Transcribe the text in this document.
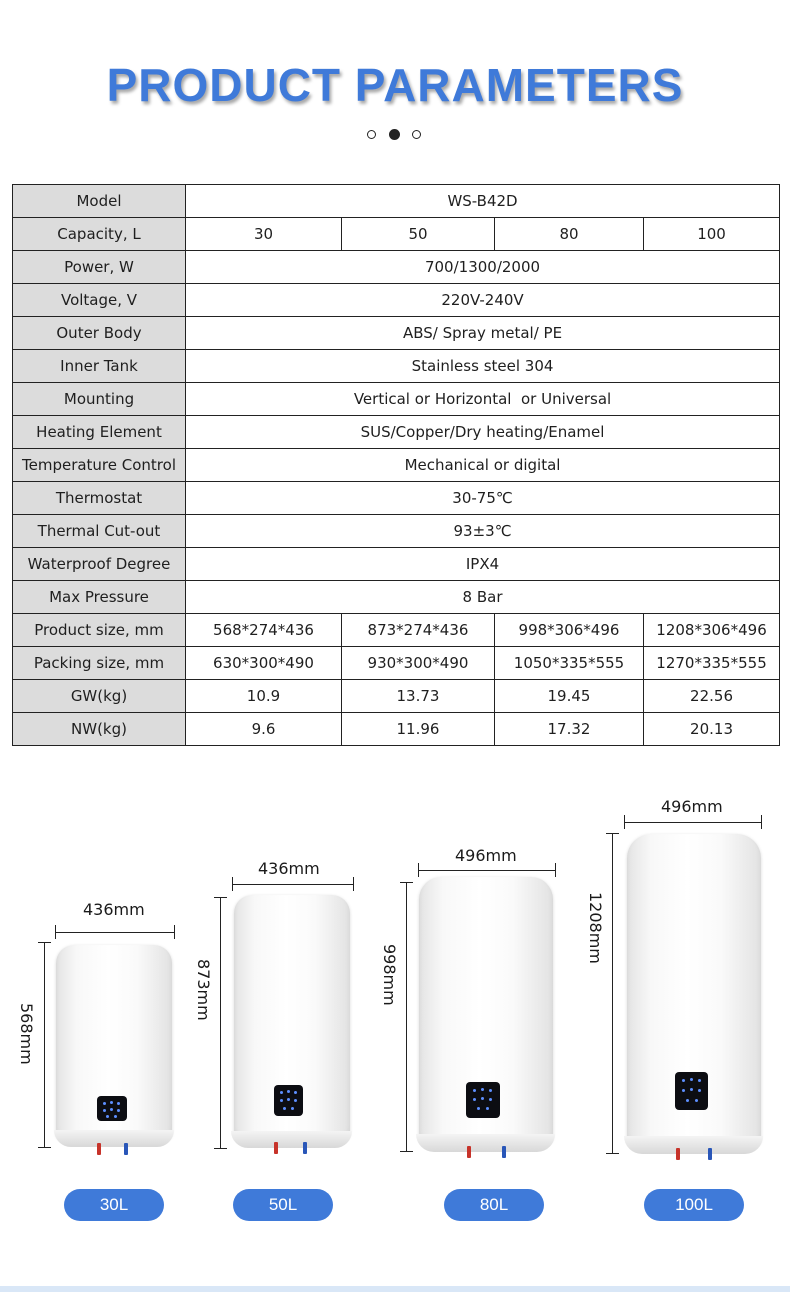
PRODUCT PARAMETERS
Model	WS-B42D			
Capacity, L	30	50	80	100
Power, W	700/1300/2000			
Voltage, V	220V-240V			
Outer Body	ABS/ Spray metal/ PE			
Inner Tank	Stainless steel 304			
Mounting	Vertical or Horizontal  or Universal			
Heating Element	SUS/Copper/Dry heating/Enamel			
Temperature Control	Mechanical or digital			
Thermostat	30-75℃			
Thermal Cut-out	93±3℃			
Waterproof Degree	IPX4			
Max Pressure	8 Bar			
Product size, mm	568*274*436	873*274*436	998*306*496	1208*306*496
Packing size, mm	630*300*490	930*300*490	1050*335*555	1270*335*555
GW(kg)	10.9	13.73	19.45	22.56
NW(kg)	9.6	11.96	17.32	20.13
436mm
568mm
30L
436mm
873mm
50L
496mm
998mm
80L
496mm
1208mm
100L
